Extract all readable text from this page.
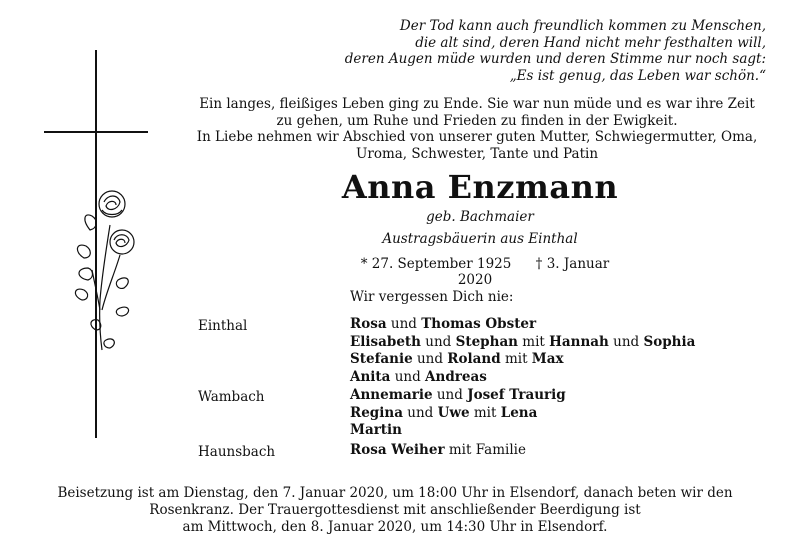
Der Tod kann auch freundlich kommen zu Menschen,
die alt sind, deren Hand nicht mehr festhalten will,
deren Augen müde wurden und deren Stimme nur noch sagt:
„Es ist genug, das Leben war schön.“
Ein langes, fleißiges Leben ging zu Ende. Sie war nun müde und es war ihre Zeit
zu gehen, um Ruhe und Frieden zu finden in der Ewigkeit.
In Liebe nehmen wir Abschied von unserer guten Mutter, Schwiegermutter, Oma,
Uroma, Schwester, Tante und Patin
Anna Enzmann
geb. Bachmaier
Austragsbäuerin aus Einthal
* 27. September 1925 † 3. Januar 2020
Wir vergessen Dich nie:
Einthal	Rosa und Thomas Obster
Elisabeth und Stephan mit Hannah und Sophia
Stefanie und Roland mit Max
Anita und Andreas
Wambach	Annemarie und Josef Traurig
Regina und Uwe mit Lena
Martin
Haunsbach	Rosa Weiher mit Familie
Beisetzung ist am Dienstag, den 7. Januar 2020, um 18:00 Uhr in Elsendorf, danach beten wir den
Rosenkranz. Der Trauergottesdienst mit anschließender Beerdigung ist
am Mittwoch, den 8. Januar 2020, um 14:30 Uhr in Elsendorf.
